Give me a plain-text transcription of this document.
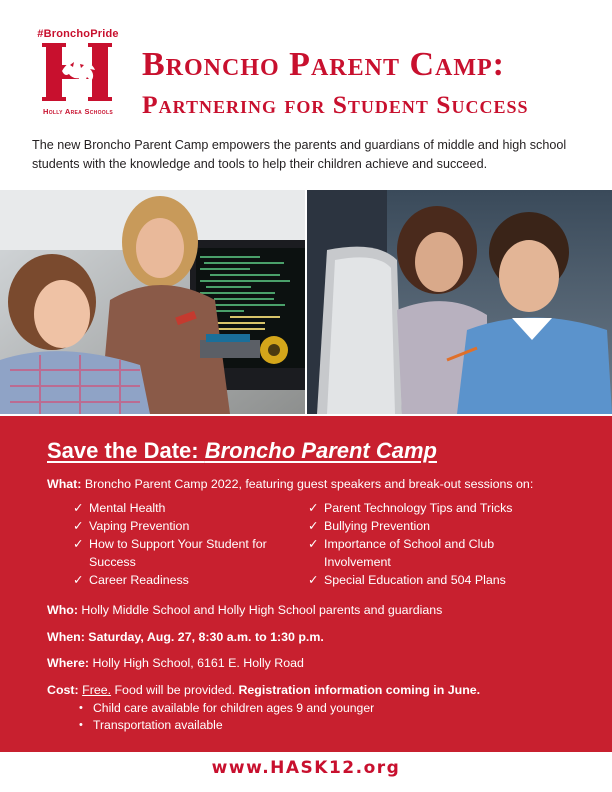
#BronchoPride
Holly Area Schools
Broncho Parent Camp:
Partnering for Student Success

The new Broncho Parent Camp empowers the parents and guardians of middle and high school students with the knowledge and tools to help their children achieve and succeed.

Save the Date: Broncho Parent Camp
What: Broncho Parent Camp 2022, featuring guest speakers and break-out sessions on:
✓ Mental Health
✓ Vaping Prevention
✓ How to Support Your Student for Success
✓ Career Readiness
✓ Parent Technology Tips and Tricks
✓ Bullying Prevention
✓ Importance of School and Club Involvement
✓ Special Education and 504 Plans
Who: Holly Middle School and Holly High School parents and guardians
When: Saturday, Aug. 27, 8:30 a.m. to 1:30 p.m.
Where: Holly High School, 6161 E. Holly Road
Cost: Free. Food will be provided. Registration information coming in June.
• Child care available for children ages 9 and younger
• Transportation available
www.HASK12.org
